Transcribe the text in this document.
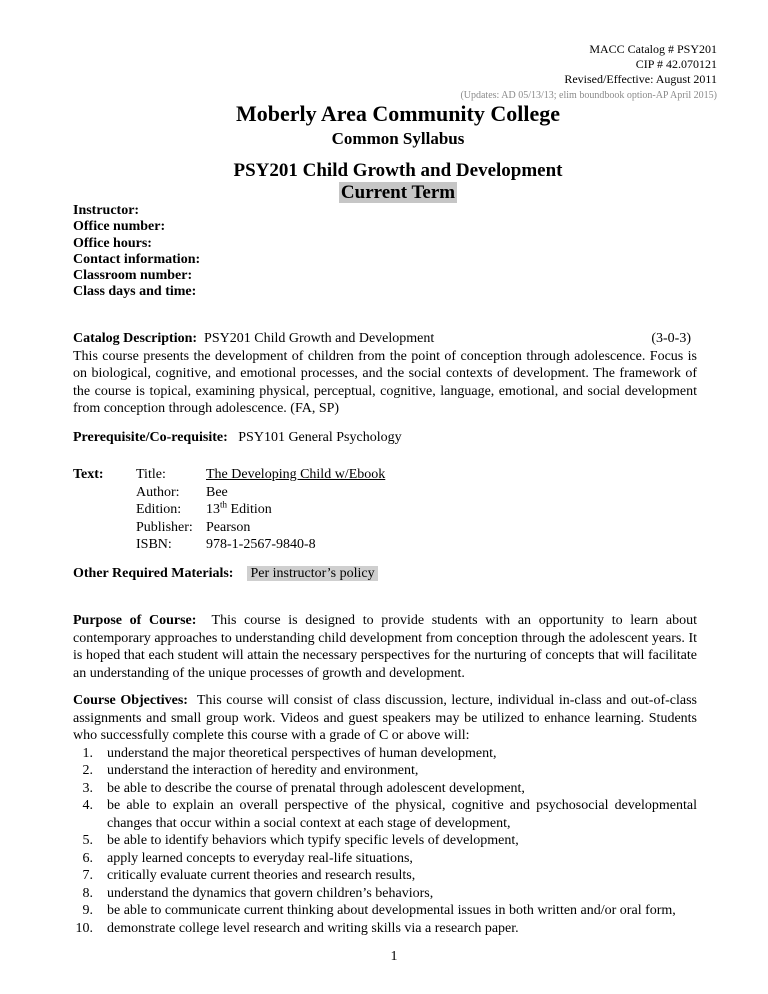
MACC Catalog # PSY201
CIP # 42.070121
Revised/Effective: August 2011
(Updates: AD 05/13/13; elim boundbook option-AP April 2015)
Moberly Area Community College
Common Syllabus
PSY201 Child Growth and Development
Current Term
Instructor:
Office number:
Office hours:
Contact information:
Classroom number:
Class days and time:
Catalog Description: PSY201 Child Growth and Development	(3-0-3)
This course presents the development of children from the point of conception through adolescence. Focus is on biological, cognitive, and emotional processes, and the social contexts of development. The framework of the course is topical, examining physical, perceptual, cognitive, language, emotional, and social development from conception through adolescence. (FA, SP)
Prerequisite/Co-requisite: PSY101 General Psychology
Text: Title:	The Developing Child w/Ebook
Author: Bee
Edition: 13th Edition
Publisher: Pearson
ISBN: 978-1-2567-9840-8
Other Required Materials: Per instructor’s policy
Purpose of Course: This course is designed to provide students with an opportunity to learn about contemporary approaches to understanding child development from conception through the adolescent years. It is hoped that each student will attain the necessary perspectives for the nurturing of concepts that will facilitate an understanding of the unique processes of growth and development.
Course Objectives: This course will consist of class discussion, lecture, individual in-class and out-of-class assignments and small group work. Videos and guest speakers may be utilized to enhance learning. Students who successfully complete this course with a grade of C or above will:
1. understand the major theoretical perspectives of human development,
2. understand the interaction of heredity and environment,
3. be able to describe the course of prenatal through adolescent development,
4. be able to explain an overall perspective of the physical, cognitive and psychosocial developmental changes that occur within a social context at each stage of development,
5. be able to identify behaviors which typify specific levels of development,
6. apply learned concepts to everyday real-life situations,
7. critically evaluate current theories and research results,
8. understand the dynamics that govern children’s behaviors,
9. be able to communicate current thinking about developmental issues in both written and/or oral form,
10. demonstrate college level research and writing skills via a research paper.
1
